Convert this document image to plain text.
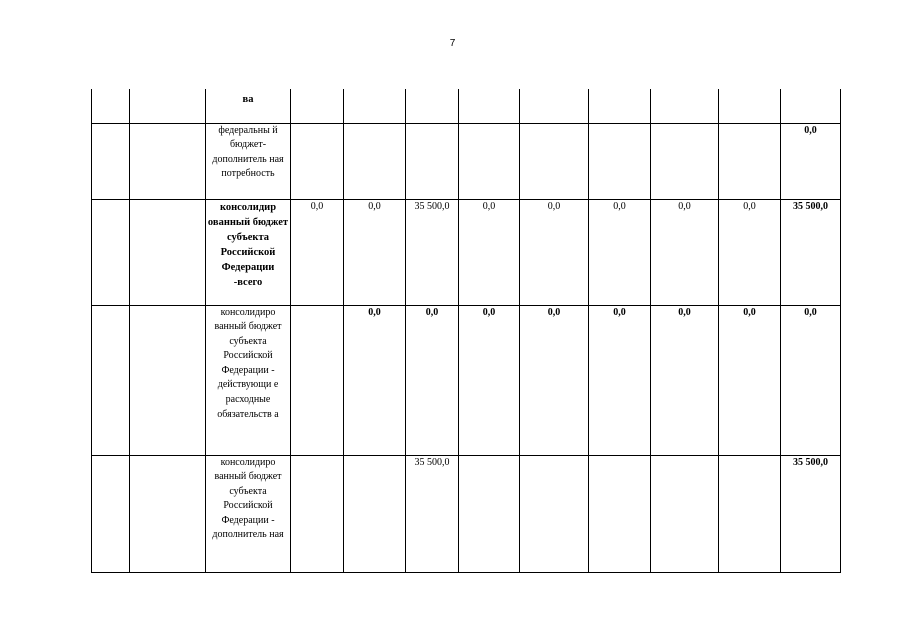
7
		ва									
		федеральны й бюджет- дополнитель ная потребность									0,0
		консолидир ованный бюджет субъекта Российской Федерации -всего	0,0	0,0	35 500,0	0,0	0,0	0,0	0,0	0,0	35 500,0
		консолидиро ванный бюджет субъекта Российской Федерации - действующи е расходные обязательств а		0,0	0,0	0,0	0,0	0,0	0,0	0,0	0,0
		консолидиро ванный бюджет субъекта Российской Федерации - дополнитель ная			35 500,0						35 500,0
